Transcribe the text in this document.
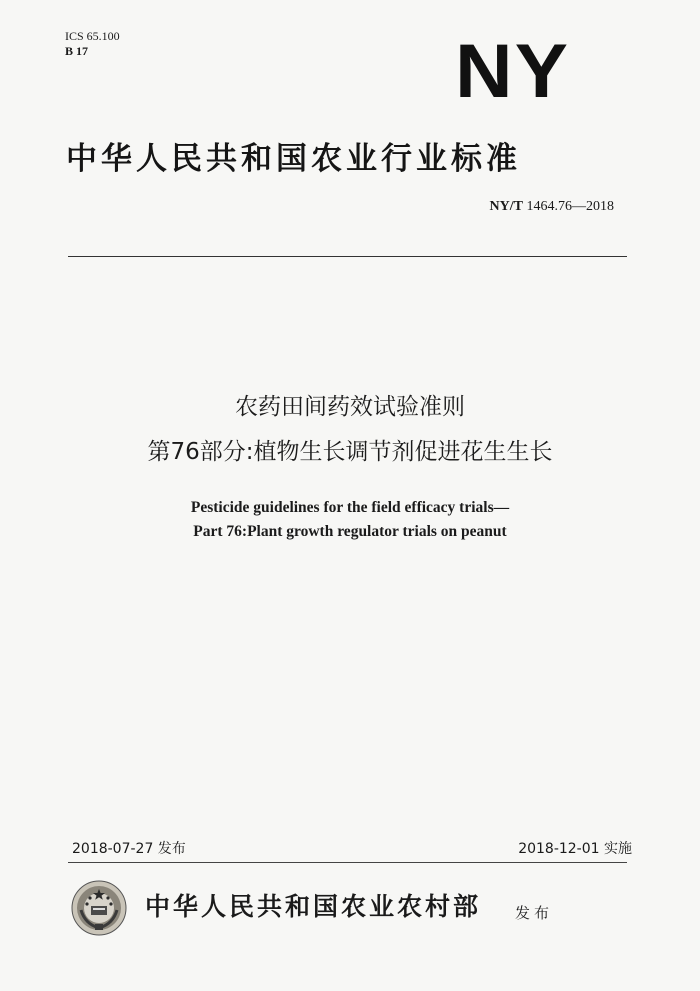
ICS 65.100
B 17	NY
中华人民共和国农业行业标准
NY/T 1464.76—2018
农药田间药效试验准则
第76部分:植物生长调节剂促进花生生长
Pesticide guidelines for the field efficacy trials—
Part 76:Plant growth regulator trials on peanut
2018-07-27 发布	2018-12-01 实施
中华人民共和国农业农村部 发布
